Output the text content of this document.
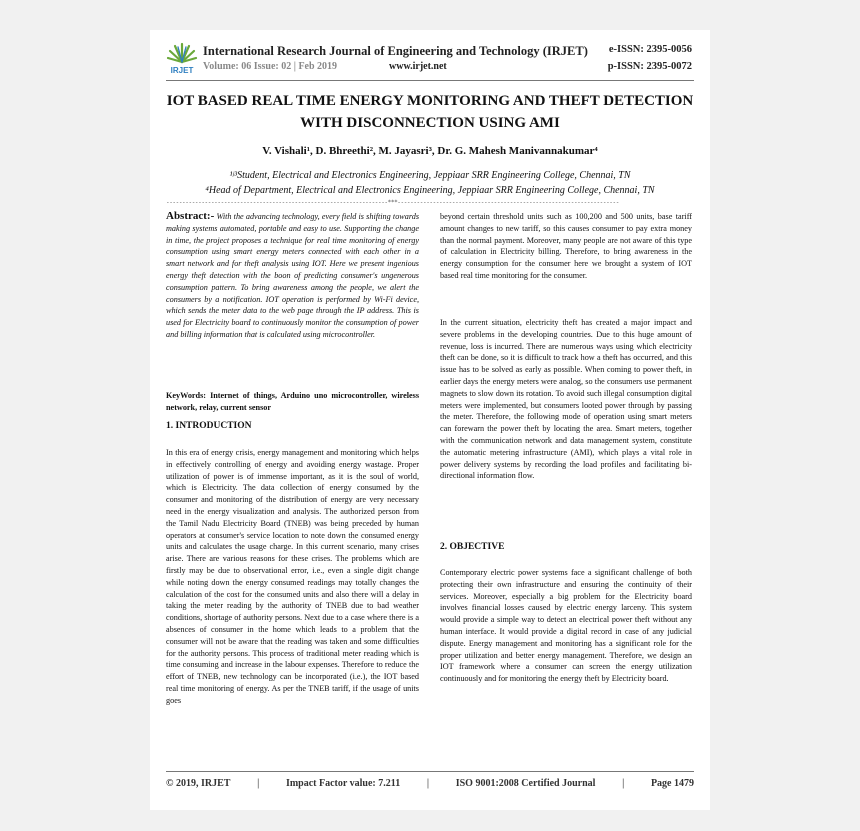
IRJET
International Research Journal of Engineering and Technology (IRJET)
Volume: 06 Issue: 02 | Feb 2019	www.irjet.net
e-ISSN: 2395-0056
p-ISSN: 2395-0072
IOT BASED REAL TIME ENERGY MONITORING AND THEFT DETECTION
WITH DISCONNECTION USING AMI
V. Vishali¹, D. Bhreethi², M. Jayasri³, Dr. G. Mahesh Manivannakumar⁴
¹ʲ³Student, Electrical and Electronics Engineering, Jeppiaar SRR Engineering College, Chennai, TN
⁴Head of Department, Electrical and Electronics Engineering, Jeppiaar SRR Engineering College, Chennai, TN
---------------------------------------------------------------------***---------------------------------------------------------------------
Abstract:- With the advancing technology, every field is shifting towards making systems automated, portable and easy to use. Supporting the change in time, the project proposes a technique for real time monitoring of energy consumption using smart energy meters connected with each other in a smart network and for theft analysis using IOT. Here we present ingenious energy theft detection with the boon of predicting consumer's ungenerous consumption pattern. To bring awareness among the people, we alert the consumers by a notification. IOT operation is performed by Wi-Fi device, which sends the meter data to the web page through the IP address. This is used for Electricity board to continuously monitor the consumption of power and billing information that is calculated using microcontroller.
KeyWords: Internet of things, Arduino uno microcontroller, wireless network, relay, current sensor
1. INTRODUCTION
In this era of energy crisis, energy management and monitoring which helps in effectively controlling of energy and avoiding energy wastage. Proper utilization of power is of immense important, as it is the soul of world, which is Electricity. The data collection of energy consumed by the consumer and monitoring of the distribution of energy are very necessary need in the energy visualization and analysis. The authorized person from the Tamil Nadu Electricity Board (TNEB) was being preceded by human operators at consumer's service location to note down the consumed energy units and calculates the usage charge. In this current scenario, many crises arise. There are various reasons for these crises. The problems which are firstly may be due to observational error, i.e., even a single digit change while noting down the energy consumed readings may totally changes the calculation of the cost for the consumed units and also there will a delay in taking the meter reading by the authority of TNEB due to bad weather conditions, shortage of authority persons. Next due to a case where there is a absences of consumer in the home which leads to a problem that the consumer will not be aware that the reading was taken and some difficulties for the authority persons. This process of traditional meter reading which is time consuming and increase in the labour expenses. Therefore to reduce the effort of TNEB, new technology can be incorporated (i.e.), the IOT based real time monitoring of energy. As per the TNEB tariff, if the usage of units goes
beyond certain threshold units such as 100,200 and 500 units, base tariff amount changes to new tariff, so this causes consumer to pay extra money than the normal payment. Moreover, many people are not aware of this type of calculation in Electricity billing. Therefore, to bring awareness in the energy consumption for the consumer here we brought a system of IOT based real time monitoring for the consumer.
In the current situation, electricity theft has created a major impact and severe problems in the developing countries. Due to this huge amount of revenue, loss is incurred. There are numerous ways using which electricity theft can be done, so it is difficult to track how a theft has occurred, and this issue has to be solved as early as possible. When coming to power theft, in earlier days the energy meters were analog, so the consumers use permanent magnets to slow down its rotation. To avoid such illegal consumption digital meters were implemented, but consumers looted power through by passing the meter. Therefore, the following mode of operation using smart meters can forewarn the power theft by locating the area. Smart meters, together with the communication network and data management system, constitute the automatic metering infrastructure (AMI), which plays a vital role in power delivery systems by recording the load profiles and facilitating bi-directional information flow.
2. OBJECTIVE
Contemporary electric power systems face a significant challenge of both protecting their own infrastructure and ensuring the continuity of their services. Moreover, especially a big problem for the Electricity board involves financial losses caused by electric energy larceny. This system would provide a simple way to detect an electrical power theft without any human interface. It would provide a digital record in case of any judicial dispute. Energy management and monitoring has a significant role for the proper utilization and better energy management. Therefore, we design an IOT framework where a consumer can screen the energy utilization continuously and for monitoring the energy theft by Electricity board.
© 2019, IRJET	|	Impact Factor value: 7.211	|	ISO 9001:2008 Certified Journal	|	Page 1479
